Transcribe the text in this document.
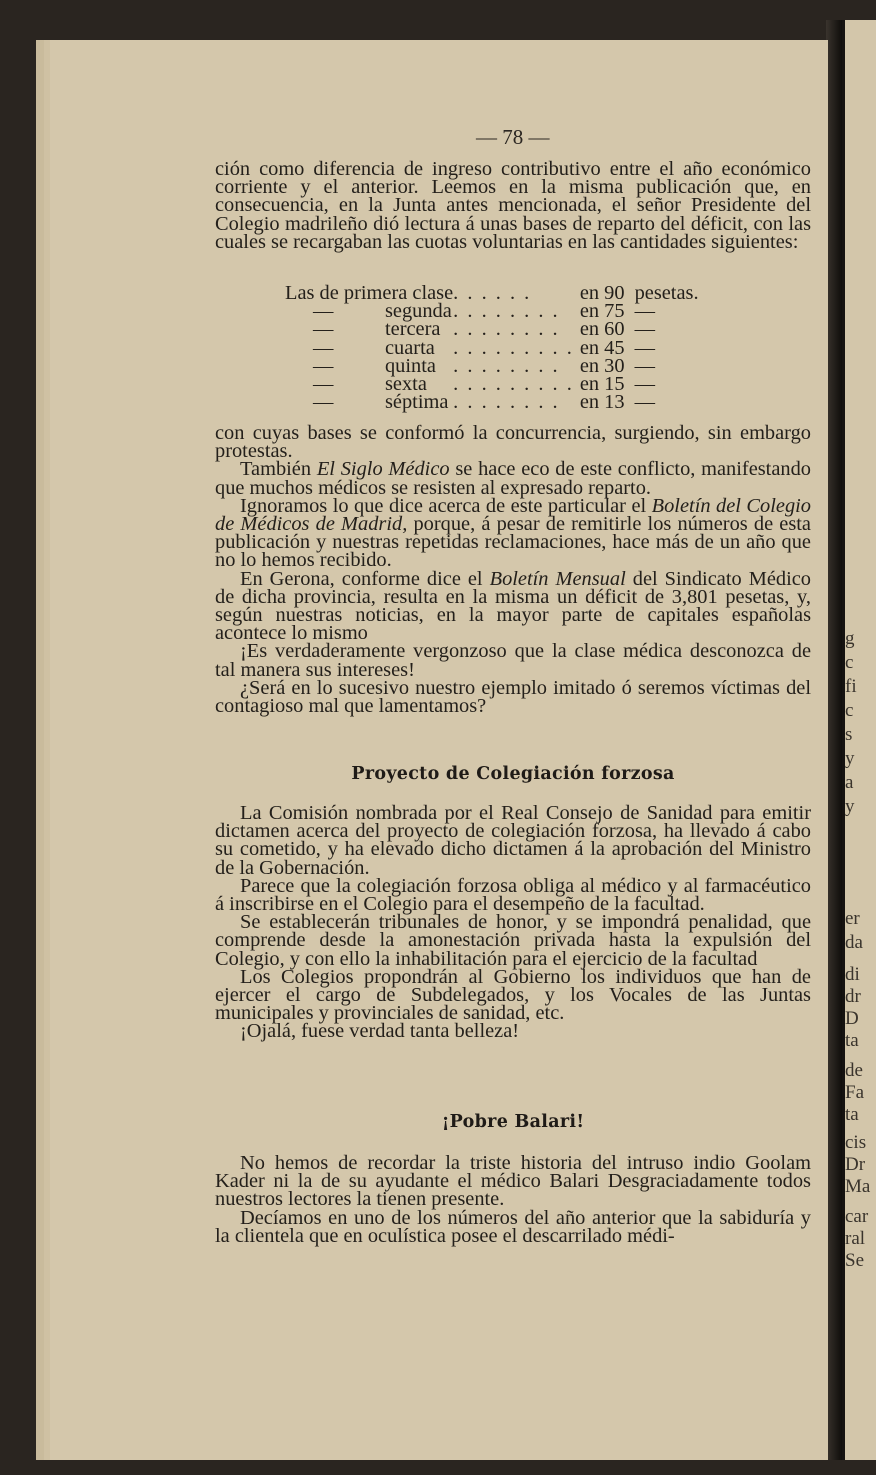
g
c
fi
c
s
y
a
y
er
da
di
dr
D
ta
de
Fa
ta
cis
Dr
Ma
car
ral
Se
— 78 —

ción como diferencia de ingreso contributivo entre el año económico corriente y el anterior. Leemos en la misma publicación que, en consecuencia, en la Junta antes mencionada, el señor Presidente del Colegio madrileño dió lectura á unas bases de reparto del déficit, con las cuales se recargaban las cuotas voluntarias en las cantidades siguientes:

Las de primera clase		. . . . . .	en 90	pesetas.
—	segunda	. . . . . . . .	en 75	—
—	tercera	. . . . . . . .	en 60	—
—	cuarta	. . . . . . . . .	en 45	—
—	quinta	. . . . . . . .	en 30	—
—	sexta	. . . . . . . . .	en 15	—
—	séptima	. . . . . . . .	en 13	—

con cuyas bases se conformó la concurrencia, surgiendo, sin embargo protestas.

También El Siglo Médico se hace eco de este conflicto, manifestando que muchos médicos se resisten al expresado reparto.

Ignoramos lo que dice acerca de este particular el Boletín del Colegio de Médicos de Madrid, porque, á pesar de remitirle los números de esta publicación y nuestras repetidas reclamaciones, hace más de un año que no lo hemos recibido.

En Gerona, conforme dice el Boletín Mensual del Sindicato Médico de dicha provincia, resulta en la misma un déficit de 3,801 pesetas, y, según nuestras noticias, en la mayor parte de capitales españolas acontece lo mismo

¡Es verdaderamente vergonzoso que la clase médica desconozca de tal manera sus intereses!

¿Será en lo sucesivo nuestro ejemplo imitado ó seremos víctimas del contagioso mal que lamentamos?

Proyecto de Colegiación forzosa

La Comisión nombrada por el Real Consejo de Sanidad para emitir dictamen acerca del proyecto de colegiación forzosa, ha llevado á cabo su cometido, y ha elevado dicho dictamen á la aprobación del Ministro de la Gobernación.

Parece que la colegiación forzosa obliga al médico y al farmacéutico á inscribirse en el Colegio para el desempeño de la facultad.

Se establecerán tribunales de honor, y se impondrá penalidad, que comprende desde la amonestación privada hasta la expulsión del Colegio, y con ello la inhabilitación para el ejercicio de la facultad

Los Colegios propondrán al Gobierno los individuos que han de ejercer el cargo de Subdelegados, y los Vocales de las Juntas municipales y provinciales de sanidad, etc.

¡Ojalá, fuese verdad tanta belleza!

¡Pobre Balari!

No hemos de recordar la triste historia del intruso indio Goolam Kader ni la de su ayudante el médico Balari Desgraciadamente todos nuestros lectores la tienen presente.

Decíamos en uno de los números del año anterior que la sabiduría y la clientela que en oculística posee el descarrilado médi-
